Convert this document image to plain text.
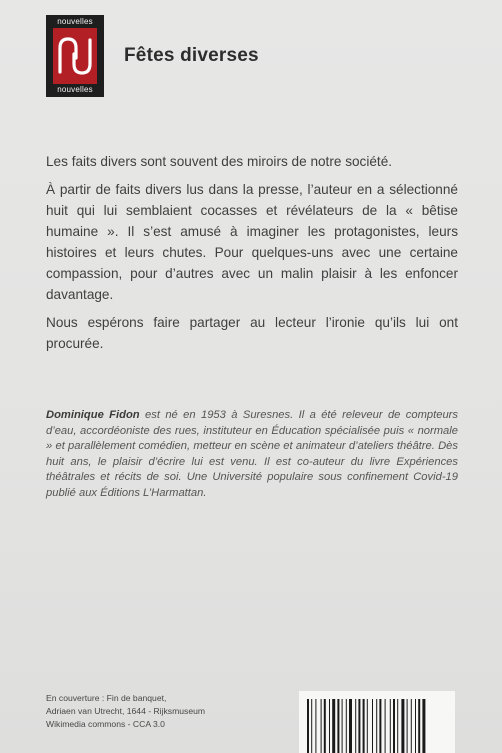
nouvelles
nouvelles
Fêtes diverses

Les faits divers sont souvent des miroirs de notre société.

À partir de faits divers lus dans la presse, l’auteur en a sélectionné huit qui lui semblaient cocasses et révélateurs de la « bêtise humaine ». Il s’est amusé à imaginer les protagonistes, leurs histoires et leurs chutes. Pour quelques-uns avec une certaine compassion, pour d’autres avec un malin plaisir à les enfoncer davantage.

Nous espérons faire partager au lecteur l’ironie qu’ils lui ont procurée.

Dominique Fidon est né en 1953 à Suresnes. Il a été releveur de compteurs d’eau, accordéoniste des rues, instituteur en Éducation spécialisée puis « normale » et parallèlement comédien, metteur en scène et animateur d’ateliers théâtre. Dès huit ans, le plaisir d’écrire lui est venu. Il est co-auteur du livre Expériences théâtrales et récits de soi. Une Université populaire sous confinement Covid-19 publié aux Éditions L’Harmattan.

En couverture : Fin de banquet,
Adriaen van Utrecht, 1644 - Rijksmuseum
Wikimedia commons - CCA 3.0
